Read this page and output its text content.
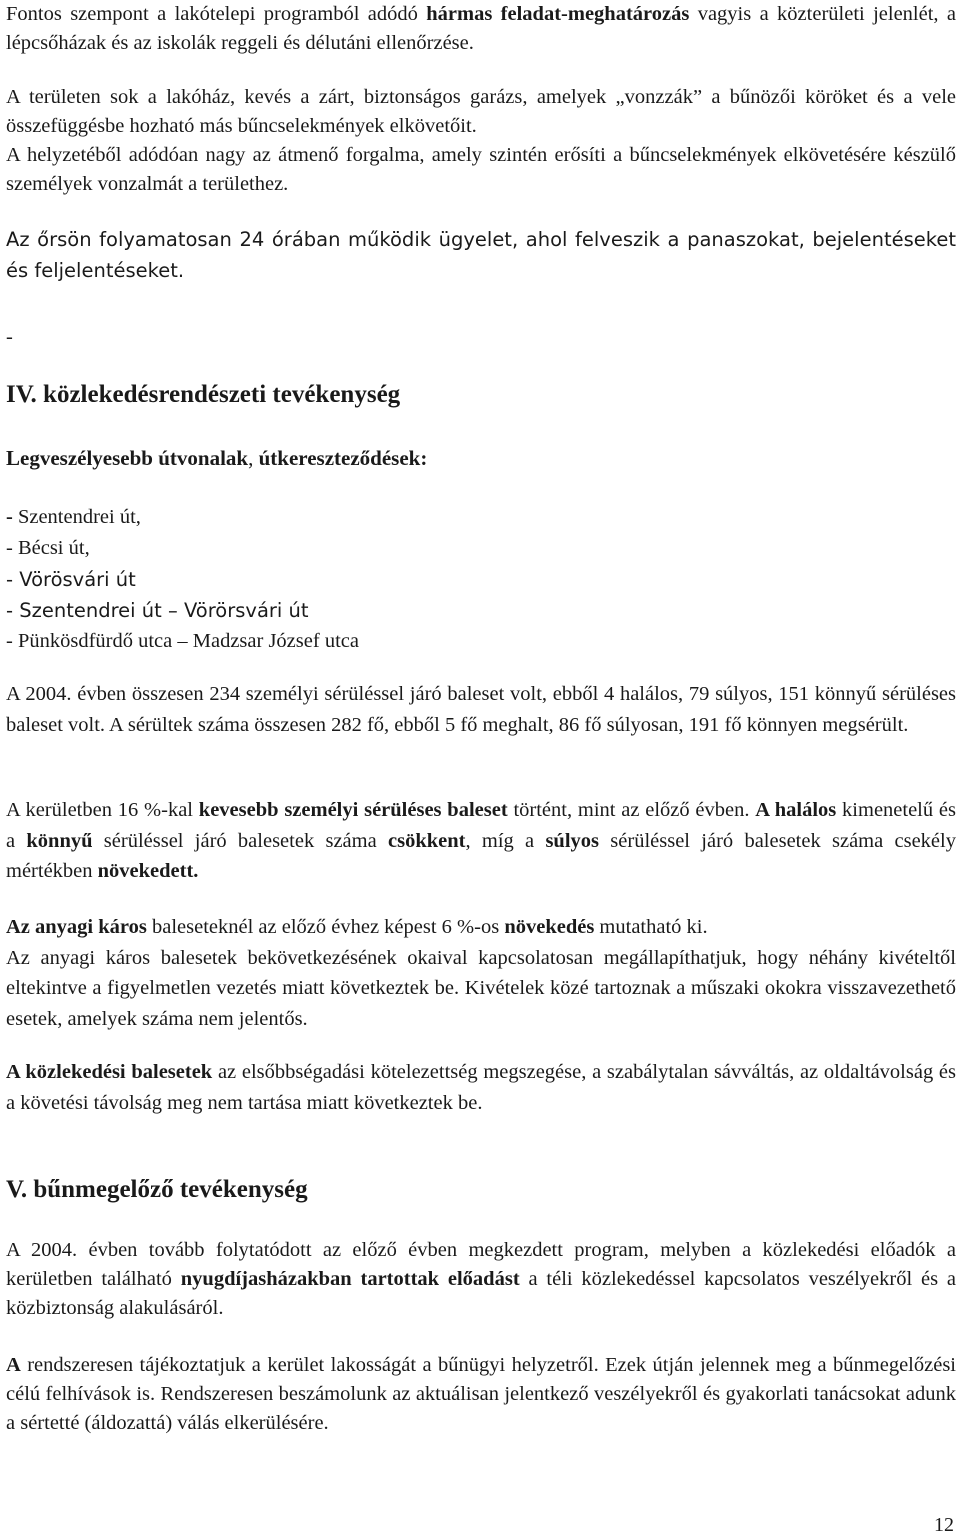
Fontos szempont a lakótelepi programból adódó hármas feladat-meghatározás vagyis a közterületi jelenlét, a lépcsőházak és az iskolák reggeli és délutáni ellenőrzése.

A területen sok a lakóház, kevés a zárt, biztonságos garázs, amelyek „vonzzák” a bűnözői köröket és a vele összefüggésbe hozható más bűncselekmények elkövetőit.
A helyzetéből adódóan nagy az átmenő forgalma, amely szintén erősíti a bűncselekmények elkövetésére készülő személyek vonzalmát a területhez.

Az őrsön folyamatosan 24 órában működik ügyelet, ahol felveszik a panaszokat, bejelentéseket és feljelentéseket.

-
IV. közlekedésrendészeti tevékenység
Legveszélyesebb útvonalak, útkereszteződések:
- Szentendrei út,
- Bécsi út,
- Vörösvári út
- Szentendrei út – Vörörsvári út
- Pünkösdfürdő utca – Madzsar József utca

A 2004. évben összesen 234 személyi sérüléssel járó baleset volt, ebből 4 halálos, 79 súlyos, 151 könnyű sérüléses baleset volt. A sérültek száma összesen 282 fő, ebből 5 fő meghalt, 86 fő súlyosan, 191 fő könnyen megsérült.

A kerületben 16 %-kal kevesebb személyi sérüléses baleset történt, mint az előző évben. A halálos kimenetelű és a könnyű sérüléssel járó balesetek száma csökkent, míg a súlyos sérüléssel járó balesetek száma csekély mértékben növekedett.

Az anyagi káros baleseteknél az előző évhez képest 6 %-os növekedés mutatható ki.
Az anyagi káros balesetek bekövetkezésének okaival kapcsolatosan megállapíthatjuk, hogy néhány kivételtől eltekintve a figyelmetlen vezetés miatt következtek be. Kivételek közé tartoznak a műszaki okokra visszavezethető esetek, amelyek száma nem jelentős.

A közlekedési balesetek az elsőbbségadási kötelezettség megszegése, a szabálytalan sávváltás, az oldaltávolság és a követési távolság meg nem tartása miatt következtek be.

V. bűnmegelőző tevékenység

A 2004. évben tovább folytatódott az előző évben megkezdett program, melyben a közlekedési előadók a kerületben található nyugdíjasházakban tartottak előadást a téli közlekedéssel kapcsolatos veszélyekről és a közbiztonság alakulásáról.

A rendszeresen tájékoztatjuk a kerület lakosságát a bűnügyi helyzetről. Ezek útján jelennek meg a bűnmegelőzési célú felhívások is. Rendszeresen beszámolunk az aktuálisan jelentkező veszélyekről és gyakorlati tanácsokat adunk a sértetté (áldozattá) válás elkerülésére.

12
